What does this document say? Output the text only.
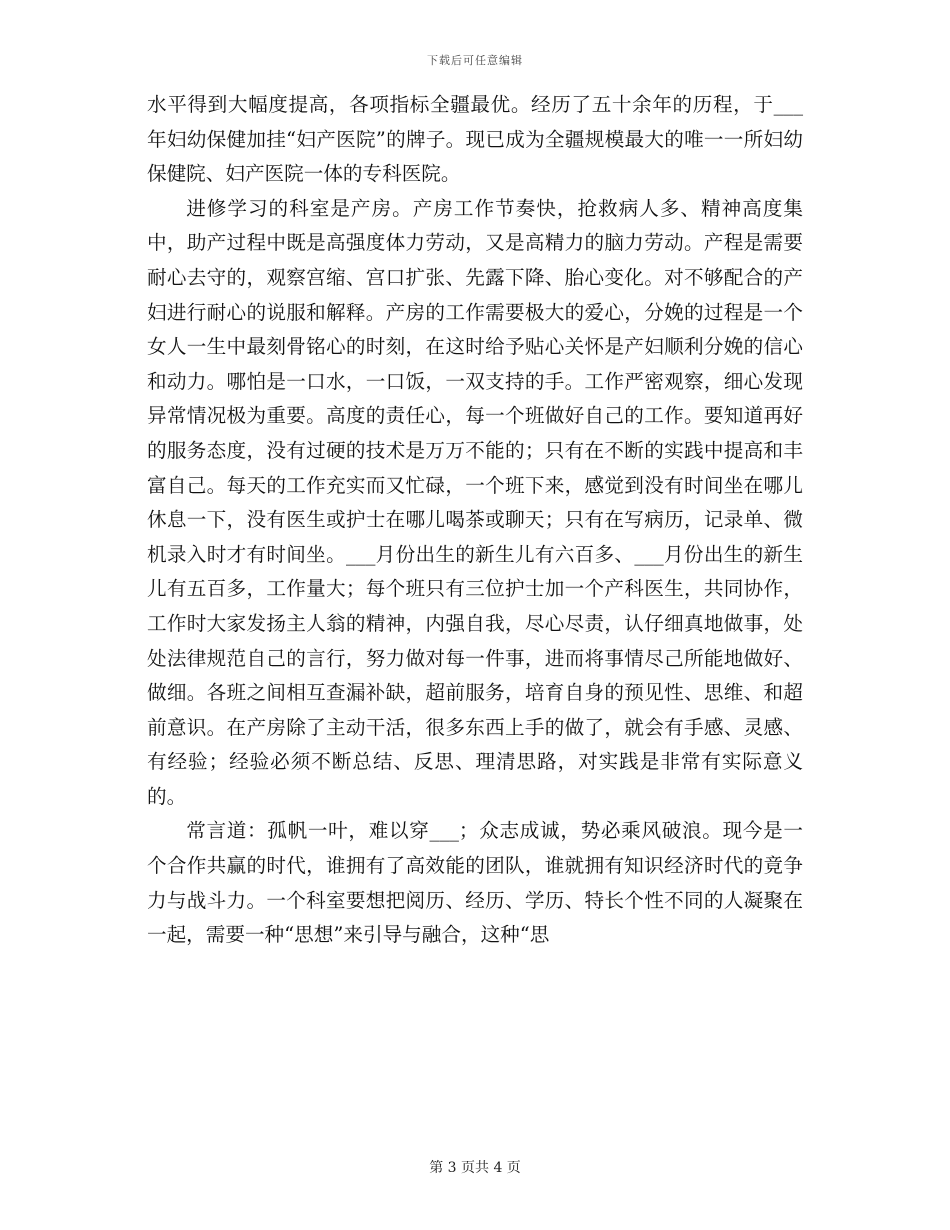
下载后可任意编辑

水平得到大幅度提高，各项指标全疆最优。经历了五十余年的历程，于___年妇幼保健加挂“妇产医院”的牌子。现已成为全疆规模最大的唯一一所妇幼保健院、妇产医院一体的专科医院。

进修学习的科室是产房。产房工作节奏快，抢救病人多、精神高度集中，助产过程中既是高强度体力劳动，又是高精力的脑力劳动。产程是需要耐心去守的，观察宫缩、宫口扩张、先露下降、胎心变化。对不够配合的产妇进行耐心的说服和解释。产房的工作需要极大的爱心，分娩的过程是一个女人一生中最刻骨铭心的时刻，在这时给予贴心关怀是产妇顺利分娩的信心和动力。哪怕是一口水，一口饭，一双支持的手。工作严密观察，细心发现异常情况极为重要。高度的责任心，每一个班做好自己的工作。要知道再好的服务态度，没有过硬的技术是万万不能的；只有在不断的实践中提高和丰富自己。每天的工作充实而又忙碌，一个班下来，感觉到没有时间坐在哪儿休息一下，没有医生或护士在哪儿喝茶或聊天；只有在写病历，记录单、微机录入时才有时间坐。___月份出生的新生儿有六百多、___月份出生的新生儿有五百多，工作量大；每个班只有三位护士加一个产科医生，共同协作，工作时大家发扬主人翁的精神，内强自我，尽心尽责，认仔细真地做事，处处法律规范自己的言行，努力做对每一件事，进而将事情尽己所能地做好、做细。各班之间相互查漏补缺，超前服务，培育自身的预见性、思维、和超前意识。在产房除了主动干活，很多东西上手的做了，就会有手感、灵感、有经验；经验必须不断总结、反思、理清思路，对实践是非常有实际意义的。

常言道：孤帆一叶，难以穿___；众志成诚，势必乘风破浪。现今是一个合作共赢的时代，谁拥有了高效能的团队，谁就拥有知识经济时代的竟争力与战斗力。一个科室要想把阅历、经历、学历、特长个性不同的人凝聚在一起，需要一种“思想”来引导与融合，这种“思

第 3 页共 4 页
